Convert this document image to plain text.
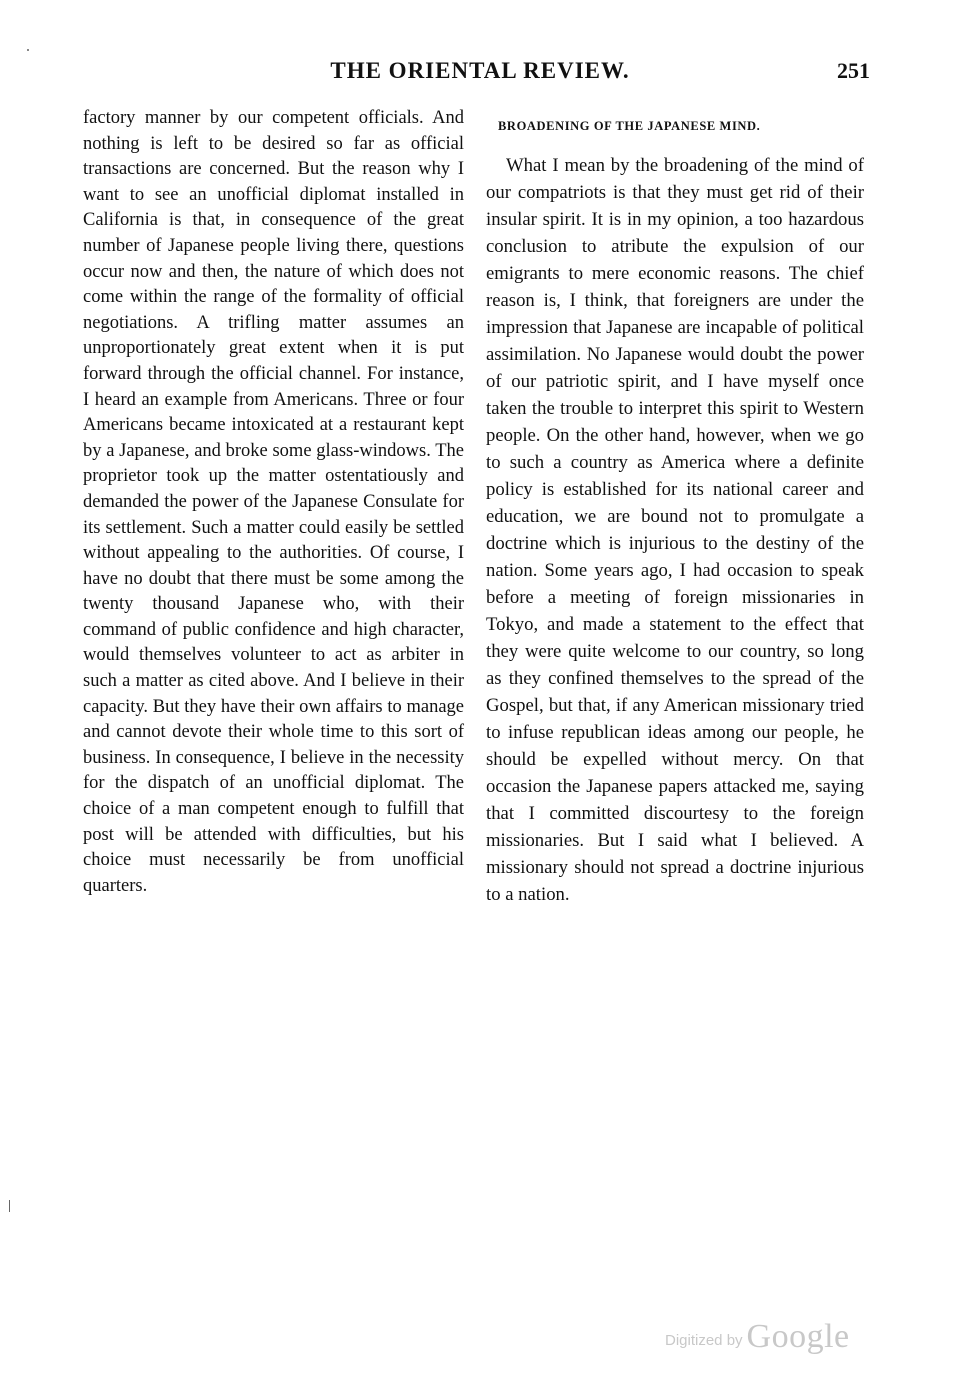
THE ORIENTAL REVIEW.	251

factory manner by our competent officials. And nothing is left to be desired so far as official transactions are concerned. But the reason why I want to see an unofficial diplomat installed in California is that, in consequence of the great number of Japanese people living there, questions occur now and then, the nature of which does not come within the range of the formality of official negotiations. A trifling matter assumes an unproportionately great extent when it is put forward through the official channel. For instance, I heard an example from Americans. Three or four Americans became intoxicated at a restaurant kept by a Japanese, and broke some glass-windows. The proprietor took up the matter ostentatiously and demanded the power of the Japanese Consulate for its settlement. Such a matter could easily be settled without appealing to the authorities. Of course, I have no doubt that there must be some among the twenty thousand Japanese who, with their command of public confidence and high character, would themselves volunteer to act as arbiter in such a matter as cited above. And I believe in their capacity. But they have their own affairs to manage and cannot devote their whole time to this sort of business. In consequence, I believe in the necessity for the dispatch of an unofficial diplomat. The choice of a man competent enough to fulfill that post will be attended with difficulties, but his choice must necessarily be from unofficial quarters.

BROADENING OF THE JAPANESE MIND.

What I mean by the broadening of the mind of our compatriots is that they must get rid of their insular spirit. It is in my opinion, a too hazardous conclusion to atribute the expulsion of our emigrants to mere economic reasons. The chief reason is, I think, that foreigners are under the impression that Japanese are incapable of political assimilation. No Japanese would doubt the power of our patriotic spirit, and I have myself once taken the trouble to interpret this spirit to Western people. On the other hand, however, when we go to such a country as America where a definite policy is established for its national career and education, we are bound not to promulgate a doctrine which is injurious to the destiny of the nation. Some years ago, I had occasion to speak before a meeting of foreign missionaries in Tokyo, and made a statement to the effect that they were quite welcome to our country, so long as they confined themselves to the spread of the Gospel, but that, if any American missionary tried to infuse republican ideas among our people, he should be expelled without mercy. On that occasion the Japanese papers attacked me, saying that I committed discourtesy to the foreign missionaries. But I said what I believed. A missionary should not spread a doctrine injurious to a nation.

Digitized by Google
